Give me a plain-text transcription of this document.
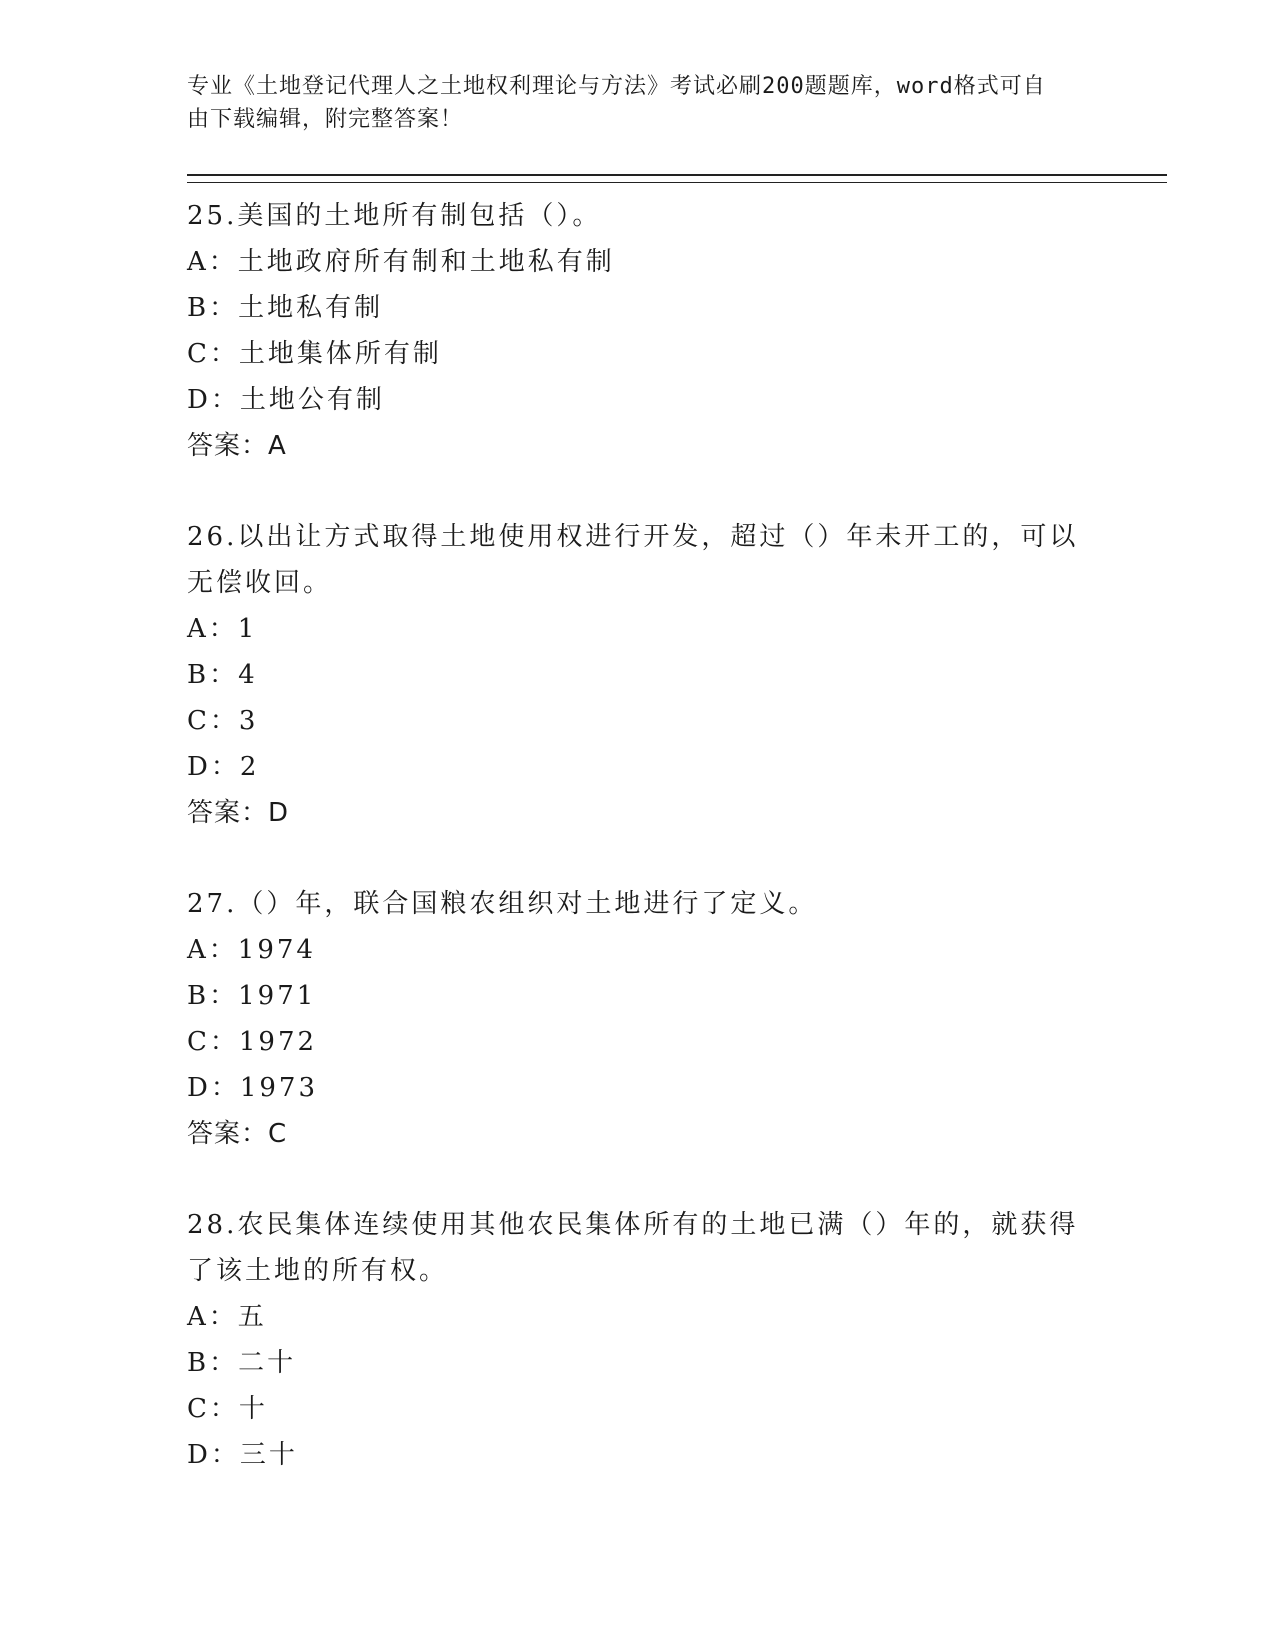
专业《土地登记代理人之土地权利理论与方法》考试必刷200题题库，word格式可自由下载编辑，附完整答案！

25.美国的土地所有制包括（）。

A：土地政府所有制和土地私有制

B：土地私有制

C：土地集体所有制

D：土地公有制

答案：A

26.以出让方式取得土地使用权进行开发，超过（）年未开工的，可以无偿收回。

A：1

B：4

C：3

D：2

答案：D

27.（）年，联合国粮农组织对土地进行了定义。

A：1974

B：1971

C：1972

D：1973

答案：C

28.农民集体连续使用其他农民集体所有的土地已满（）年的，就获得了该土地的所有权。

A：五

B：二十

C：十

D：三十
